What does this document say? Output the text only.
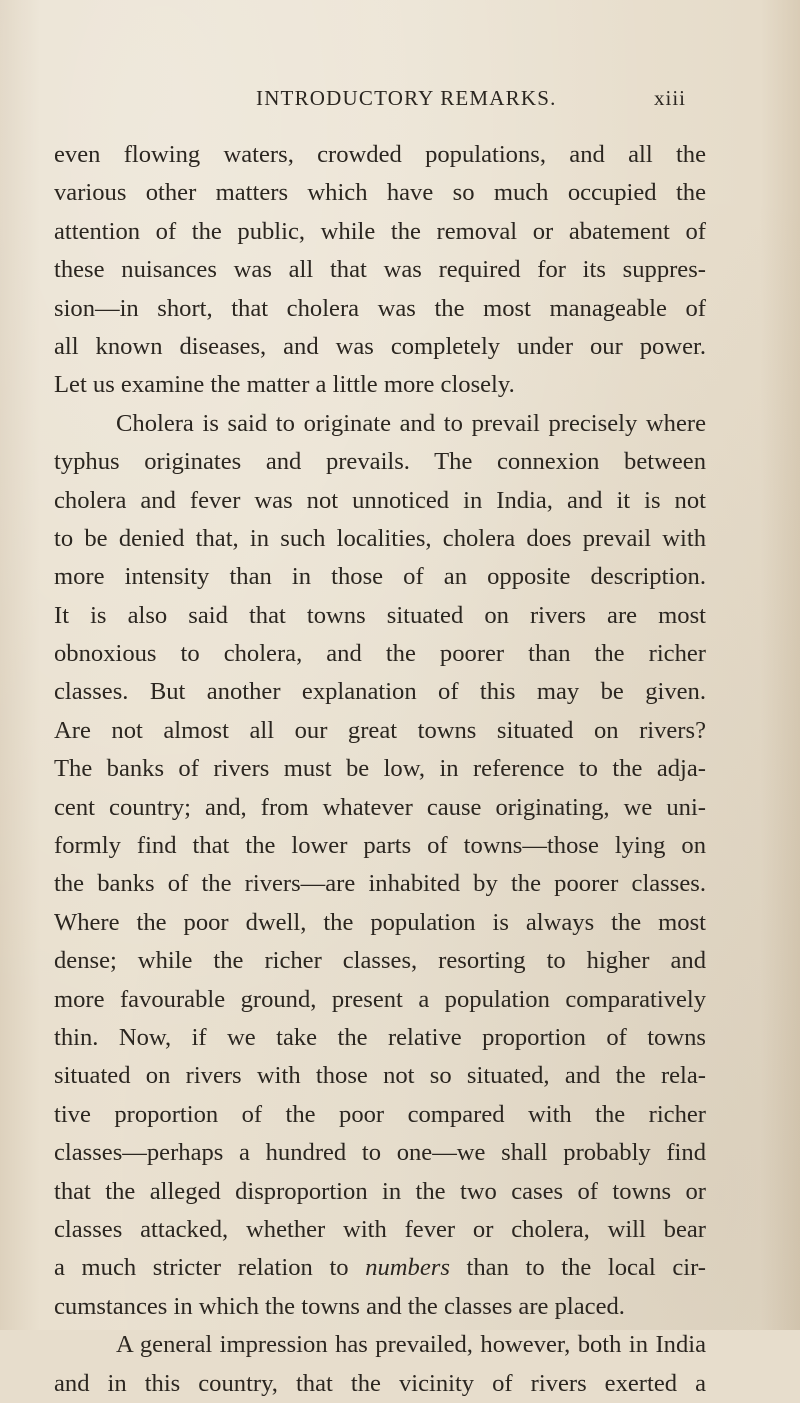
INTRODUCTORY REMARKS.	xiii
even flowing waters, crowded populations, and all the
various other matters which have so much occupied the
attention of the public, while the removal or abatement of
these nuisances was all that was required for its suppres-
sion—in short, that cholera was the most manageable of
all known diseases, and was completely under our power.
Let us examine the matter a little more closely.
Cholera is said to originate and to prevail precisely where
typhus originates and prevails. The connexion between
cholera and fever was not unnoticed in India, and it is not
to be denied that, in such localities, cholera does prevail with
more intensity than in those of an opposite description.
It is also said that towns situated on rivers are most
obnoxious to cholera, and the poorer than the richer
classes. But another explanation of this may be given.
Are not almost all our great towns situated on rivers?
The banks of rivers must be low, in reference to the adja-
cent country; and, from whatever cause originating, we uni-
formly find that the lower parts of towns—those lying on
the banks of the rivers—are inhabited by the poorer classes.
Where the poor dwell, the population is always the most
dense; while the richer classes, resorting to higher and
more favourable ground, present a population comparatively
thin. Now, if we take the relative proportion of towns
situated on rivers with those not so situated, and the rela-
tive proportion of the poor compared with the richer
classes—perhaps a hundred to one—we shall probably find
that the alleged disproportion in the two cases of towns or
classes attacked, whether with fever or cholera, will bear
a much stricter relation to numbers than to the local cir-
cumstances in which the towns and the classes are placed.
A general impression has prevailed, however, both in India
and in this country, that the vicinity of rivers exerted a
